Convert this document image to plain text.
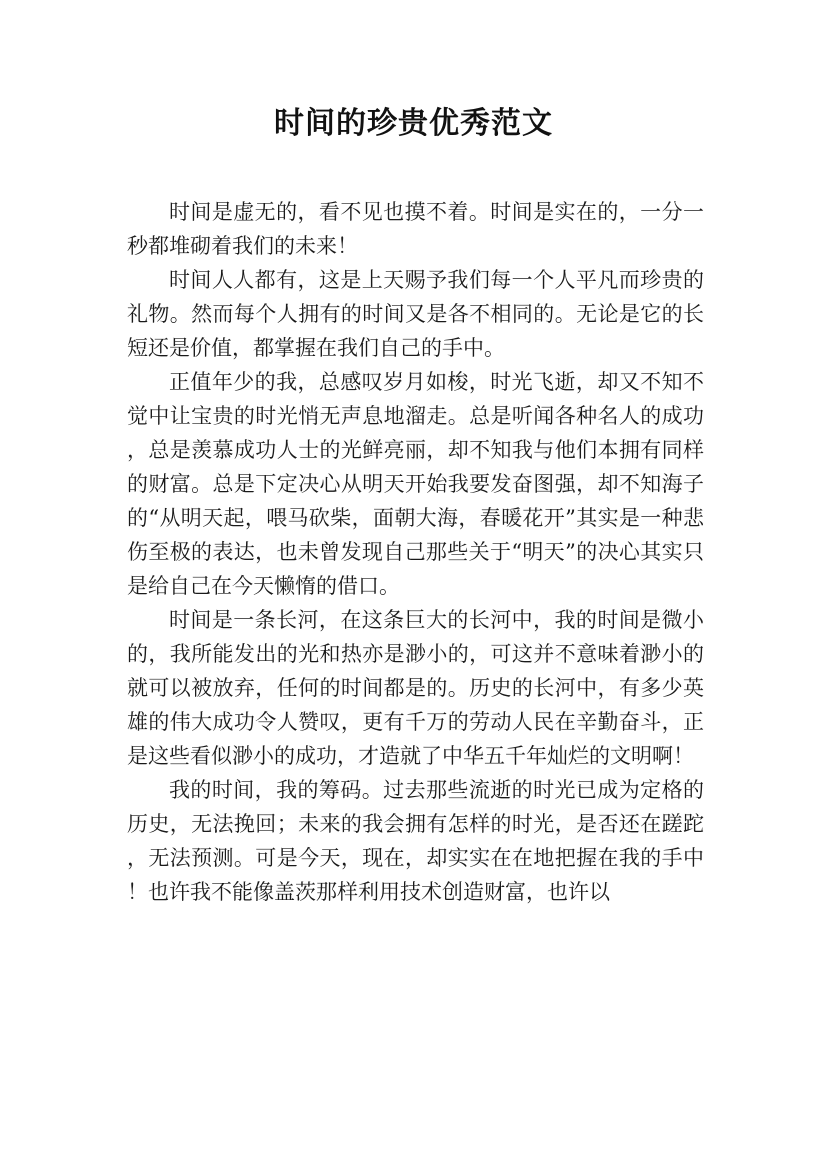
时间的珍贵优秀范文

时间是虚无的，看不见也摸不着。时间是实在的，一分一秒都堆砌着我们的未来！

时间人人都有，这是上天赐予我们每一个人平凡而珍贵的礼物。然而每个人拥有的时间又是各不相同的。无论是它的长短还是价值，都掌握在我们自己的手中。

正值年少的我，总感叹岁月如梭，时光飞逝，却又不知不觉中让宝贵的时光悄无声息地溜走。总是听闻各种名人的成功，总是羡慕成功人士的光鲜亮丽，却不知我与他们本拥有同样的财富。总是下定决心从明天开始我要发奋图强，却不知海子的“从明天起，喂马砍柴，面朝大海，春暖花开”其实是一种悲伤至极的表达，也未曾发现自己那些关于“明天”的决心其实只是给自己在今天懒惰的借口。

时间是一条长河，在这条巨大的长河中，我的时间是微小的，我所能发出的光和热亦是渺小的，可这并不意味着渺小的就可以被放弃，任何的时间都是的。历史的长河中，有多少英雄的伟大成功令人赞叹，更有千万的劳动人民在辛勤奋斗，正是这些看似渺小的成功，才造就了中华五千年灿烂的文明啊！

我的时间，我的筹码。过去那些流逝的时光已成为定格的历史，无法挽回；未来的我会拥有怎样的时光，是否还在蹉跎，无法预测。可是今天，现在，却实实在在地把握在我的手中！也许我不能像盖茨那样利用技术创造财富，也许以
